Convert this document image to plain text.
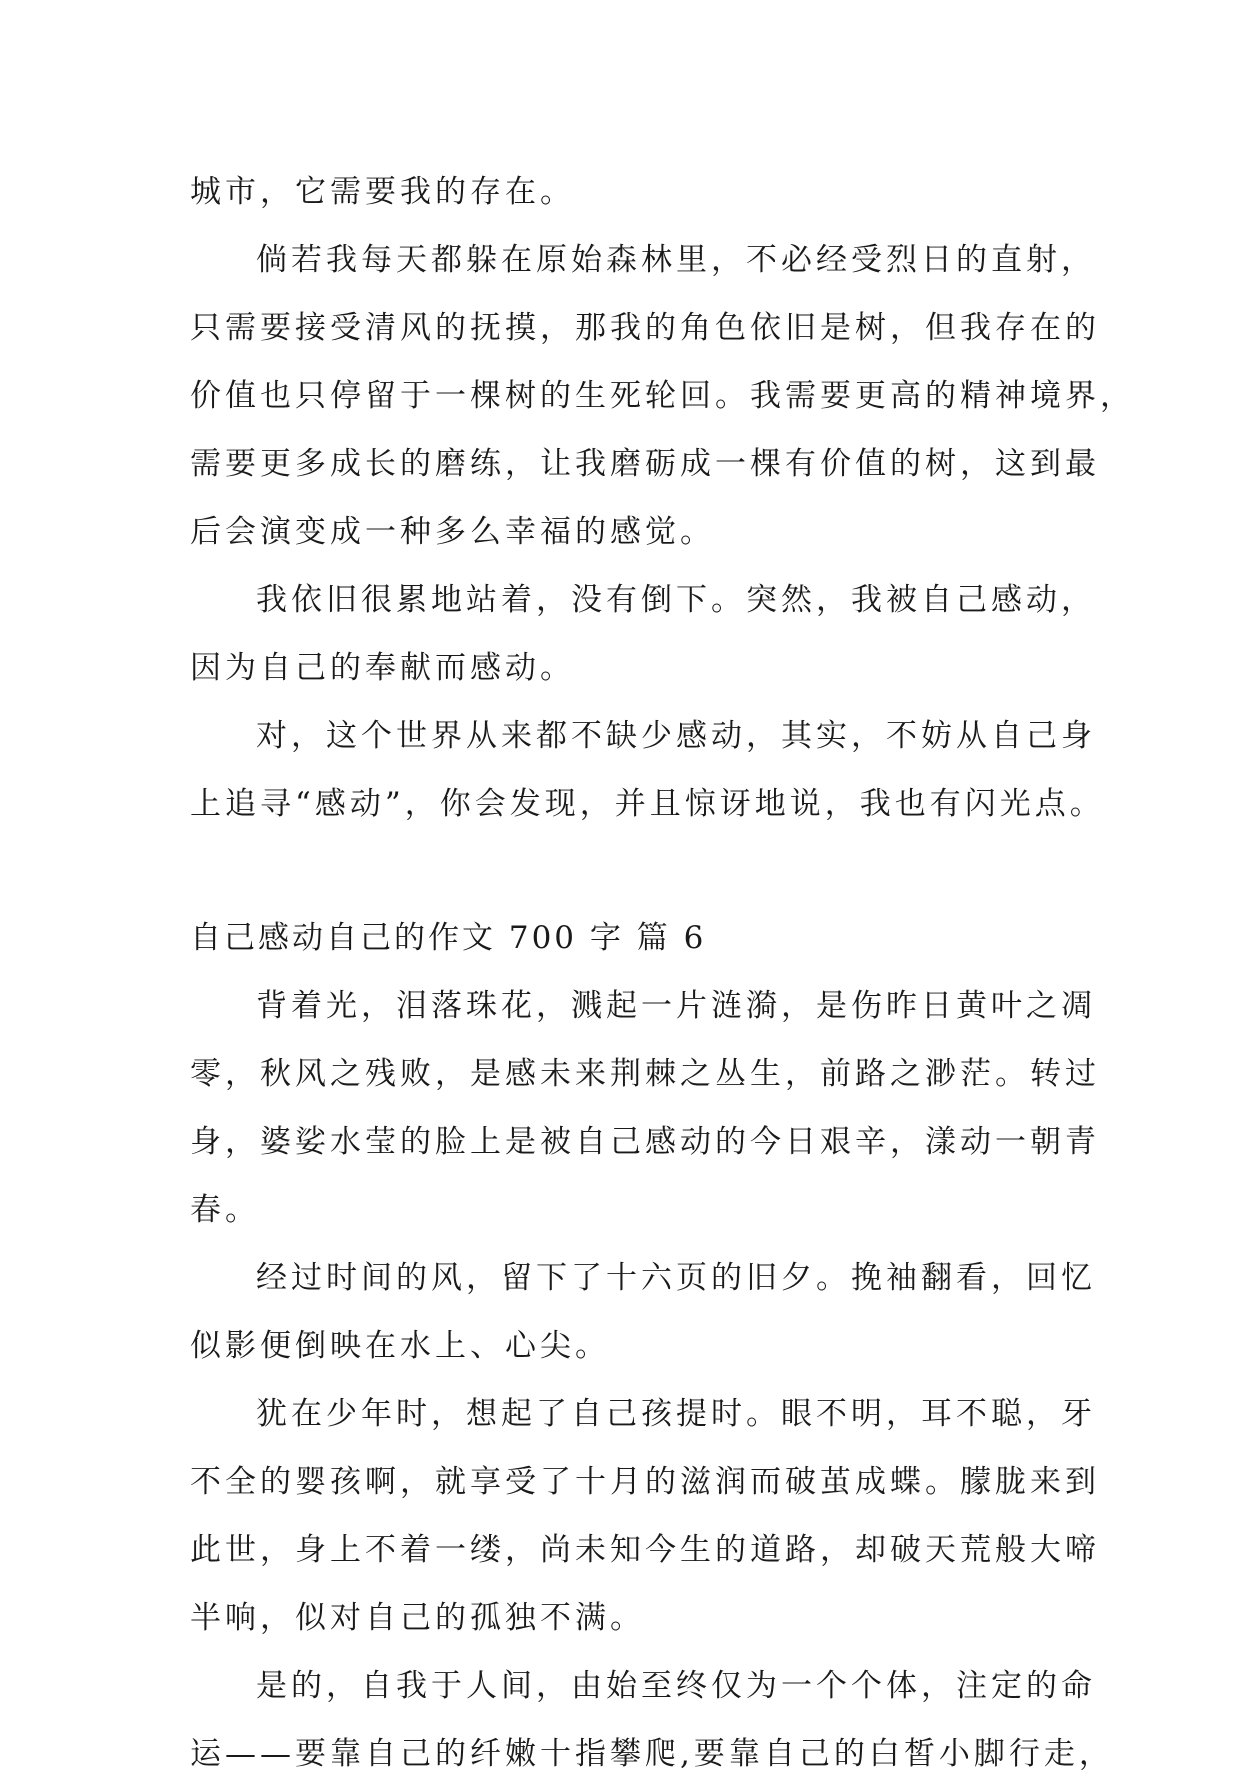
城市，它需要我的存在。
倘若我每天都躲在原始森林里，不必经受烈日的直射，
只需要接受清风的抚摸，那我的角色依旧是树，但我存在的
价值也只停留于一棵树的生死轮回。我需要更高的精神境界，
需要更多成长的磨练，让我磨砺成一棵有价值的树，这到最
后会演变成一种多么幸福的感觉。
我依旧很累地站着，没有倒下。突然，我被自己感动，
因为自己的奉献而感动。
对，这个世界从来都不缺少感动，其实，不妨从自己身
上追寻“感动”，你会发现，并且惊讶地说，我也有闪光点。
自己感动自己的作文 700 字 篇 6
背着光，泪落珠花，溅起一片涟漪，是伤昨日黄叶之凋
零，秋风之残败，是感未来荆棘之丛生，前路之渺茫。转过
身，婆娑水莹的脸上是被自己感动的今日艰辛，漾动一朝青
春。
经过时间的风，留下了十六页的旧夕。挽袖翻看，回忆
似影便倒映在水上、心尖。
犹在少年时，想起了自己孩提时。眼不明，耳不聪，牙
不全的婴孩啊，就享受了十月的滋润而破茧成蝶。朦胧来到
此世，身上不着一缕，尚未知今生的道路，却破天荒般大啼
半响，似对自己的孤独不满。
是的，自我于人间，由始至终仅为一个个体，注定的命
运——要靠自己的纤嫩十指攀爬,要靠自己的白皙小脚行走，
